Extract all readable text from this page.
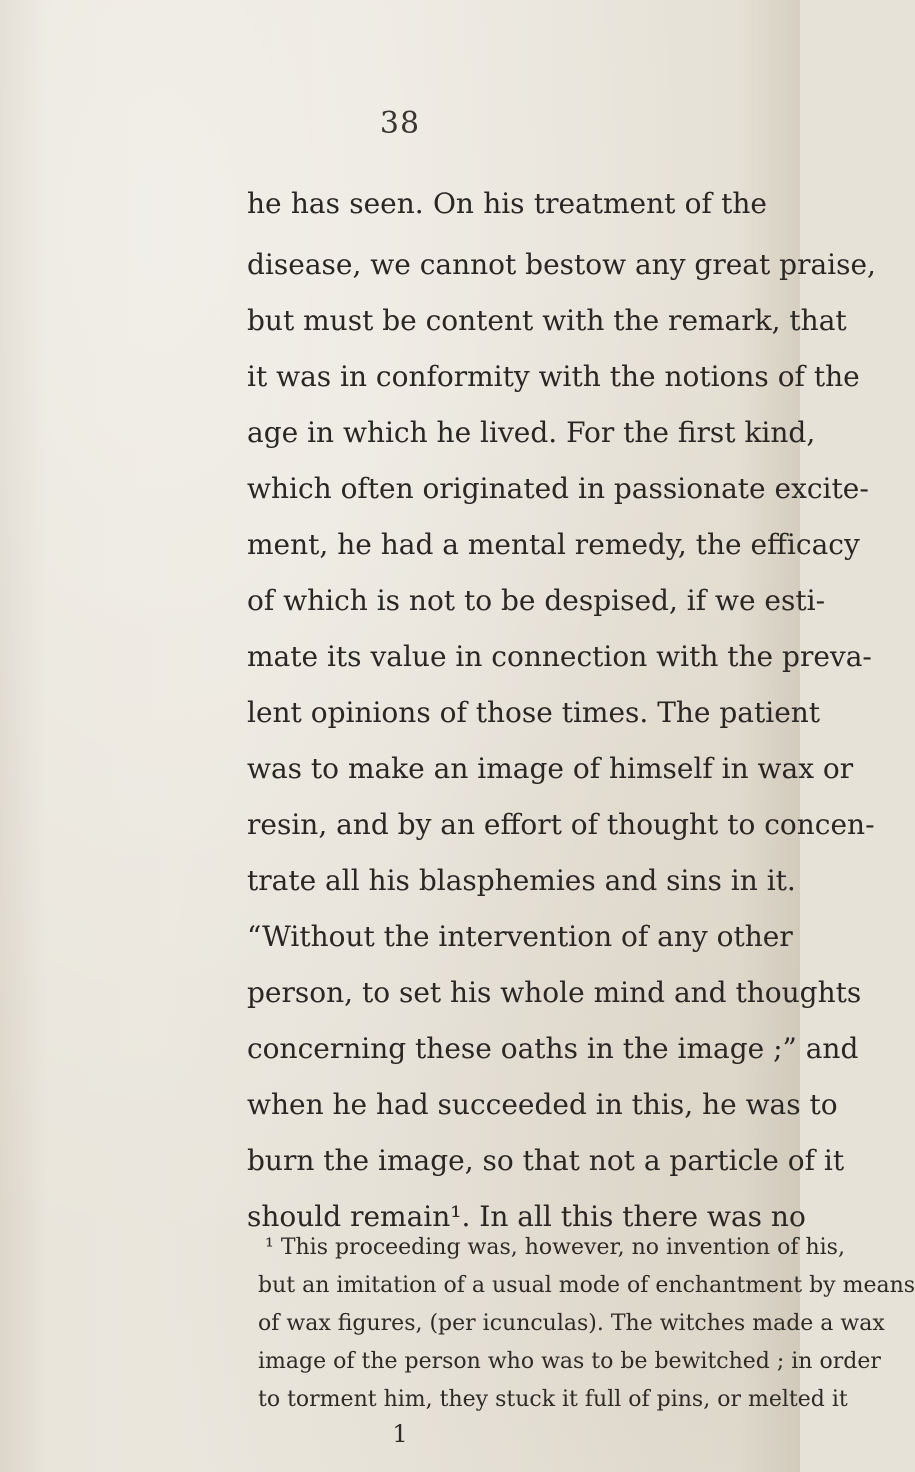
38
he has seen. On his treatment of the
disease, we cannot bestow any great praise,
but must be content with the remark, that
it was in conformity with the notions of the
age in which he lived. For the first kind,
which often originated in passionate excite-
ment, he had a mental remedy, the efficacy
of which is not to be despised, if we esti-
mate its value in connection with the preva-
lent opinions of those times. The patient
was to make an image of himself in wax or
resin, and by an effort of thought to concen-
trate all his blasphemies and sins in it.
“Without the intervention of any other
person, to set his whole mind and thoughts
concerning these oaths in the image ;” and
when he had succeeded in this, he was to
burn the image, so that not a particle of it
should remain¹. In all this there was no
¹ This proceeding was, however, no invention of his,
but an imitation of a usual mode of enchantment by means
of wax figures, (per icunculas). The witches made a wax
image of the person who was to be bewitched ; in order
to torment him, they stuck it full of pins, or melted it
1
